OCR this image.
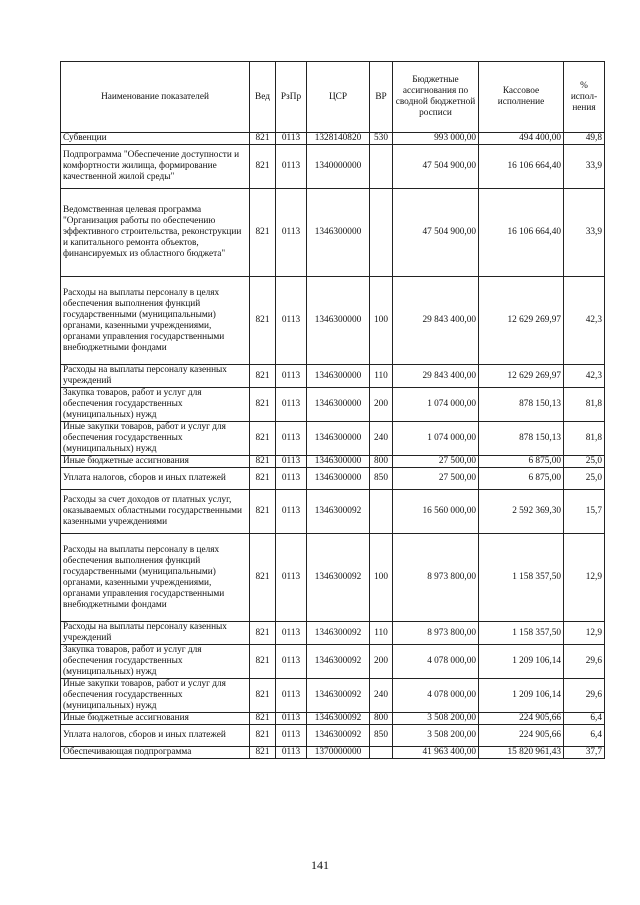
Наименование показателей	Вед	РзПр	ЦСР	ВР	Бюджетные ассигнования по сводной бюджетной росписи	Кассовое исполнение	% испол-нения
Субвенции	821	0113	1328140820	530	993 000,00	494 400,00	49,8
Подпрограмма "Обеспечение доступности и комфортности жилища, формирование качественной жилой среды"	821	0113	1340000000		47 504 900,00	16 106 664,40	33,9
Ведомственная целевая программа "Организация работы по обеспечению эффективного строительства, реконструкции и капитального ремонта объектов, финансируемых из областного бюджета"	821	0113	1346300000		47 504 900,00	16 106 664,40	33,9
Расходы на выплаты персоналу в целях обеспечения выполнения функций государственными (муниципальными) органами, казенными учреждениями, органами управления государственными внебюджетными фондами	821	0113	1346300000	100	29 843 400,00	12 629 269,97	42,3
Расходы на выплаты персоналу казенных учреждений	821	0113	1346300000	110	29 843 400,00	12 629 269,97	42,3
Закупка товаров, работ и услуг для обеспечения государственных (муниципальных) нужд	821	0113	1346300000	200	1 074 000,00	878 150,13	81,8
Иные закупки товаров, работ и услуг для обеспечения государственных (муниципальных) нужд	821	0113	1346300000	240	1 074 000,00	878 150,13	81,8
Иные бюджетные ассигнования	821	0113	1346300000	800	27 500,00	6 875,00	25,0
Уплата налогов, сборов и иных платежей	821	0113	1346300000	850	27 500,00	6 875,00	25,0
Расходы за счет доходов от платных услуг, оказываемых областными государственными казенными учреждениями	821	0113	1346300092		16 560 000,00	2 592 369,30	15,7
Расходы на выплаты персоналу в целях обеспечения выполнения функций государственными (муниципальными) органами, казенными учреждениями, органами управления государственными внебюджетными фондами	821	0113	1346300092	100	8 973 800,00	1 158 357,50	12,9
Расходы на выплаты персоналу казенных учреждений	821	0113	1346300092	110	8 973 800,00	1 158 357,50	12,9
Закупка товаров, работ и услуг для обеспечения государственных (муниципальных) нужд	821	0113	1346300092	200	4 078 000,00	1 209 106,14	29,6
Иные закупки товаров, работ и услуг для обеспечения государственных (муниципальных) нужд	821	0113	1346300092	240	4 078 000,00	1 209 106,14	29,6
Иные бюджетные ассигнования	821	0113	1346300092	800	3 508 200,00	224 905,66	6,4
Уплата налогов, сборов и иных платежей	821	0113	1346300092	850	3 508 200,00	224 905,66	6,4
Обеспечивающая подпрограмма	821	0113	1370000000		41 963 400,00	15 820 961,43	37,7
141
